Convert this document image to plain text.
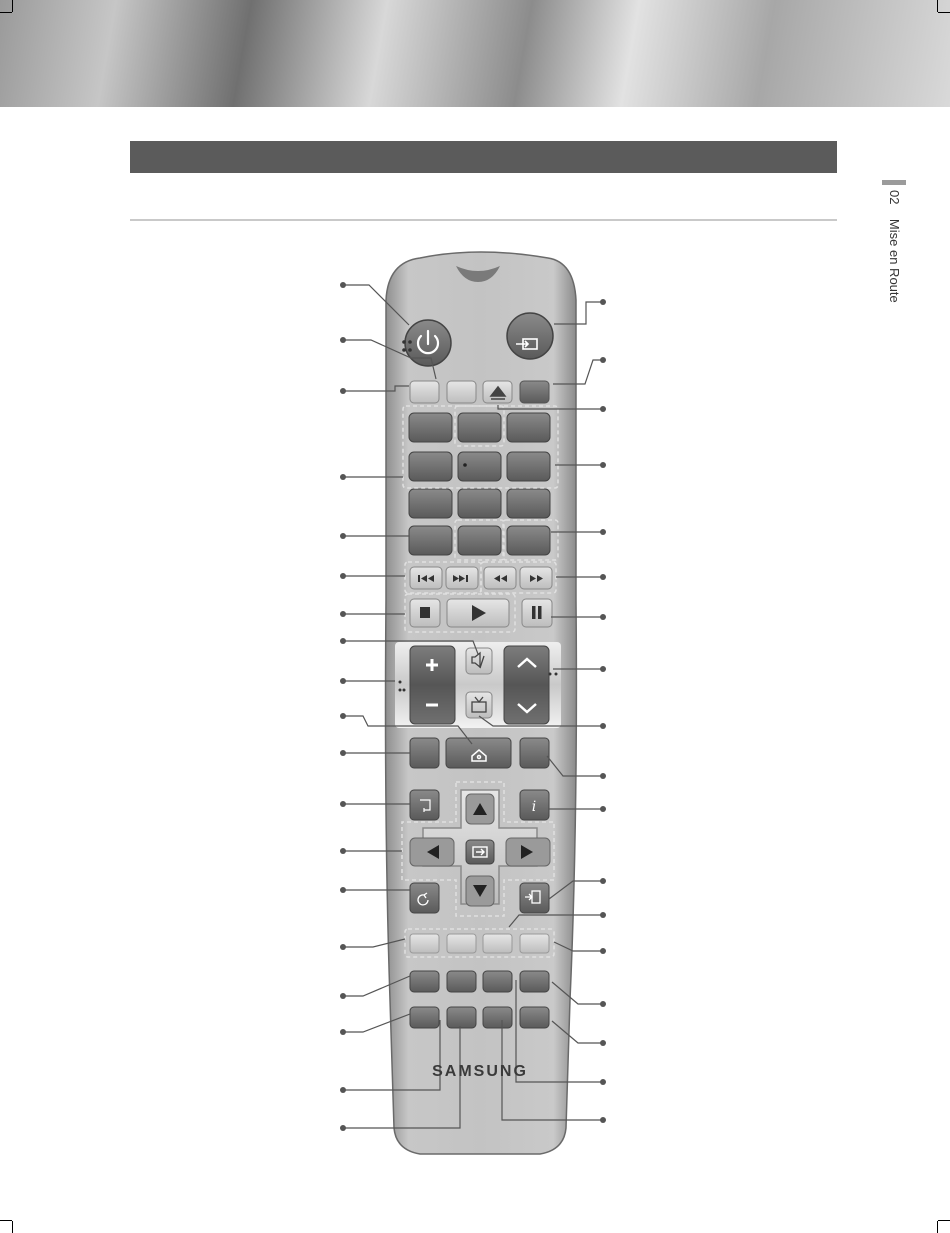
02    Mise en Route
i
SAMSUNG
